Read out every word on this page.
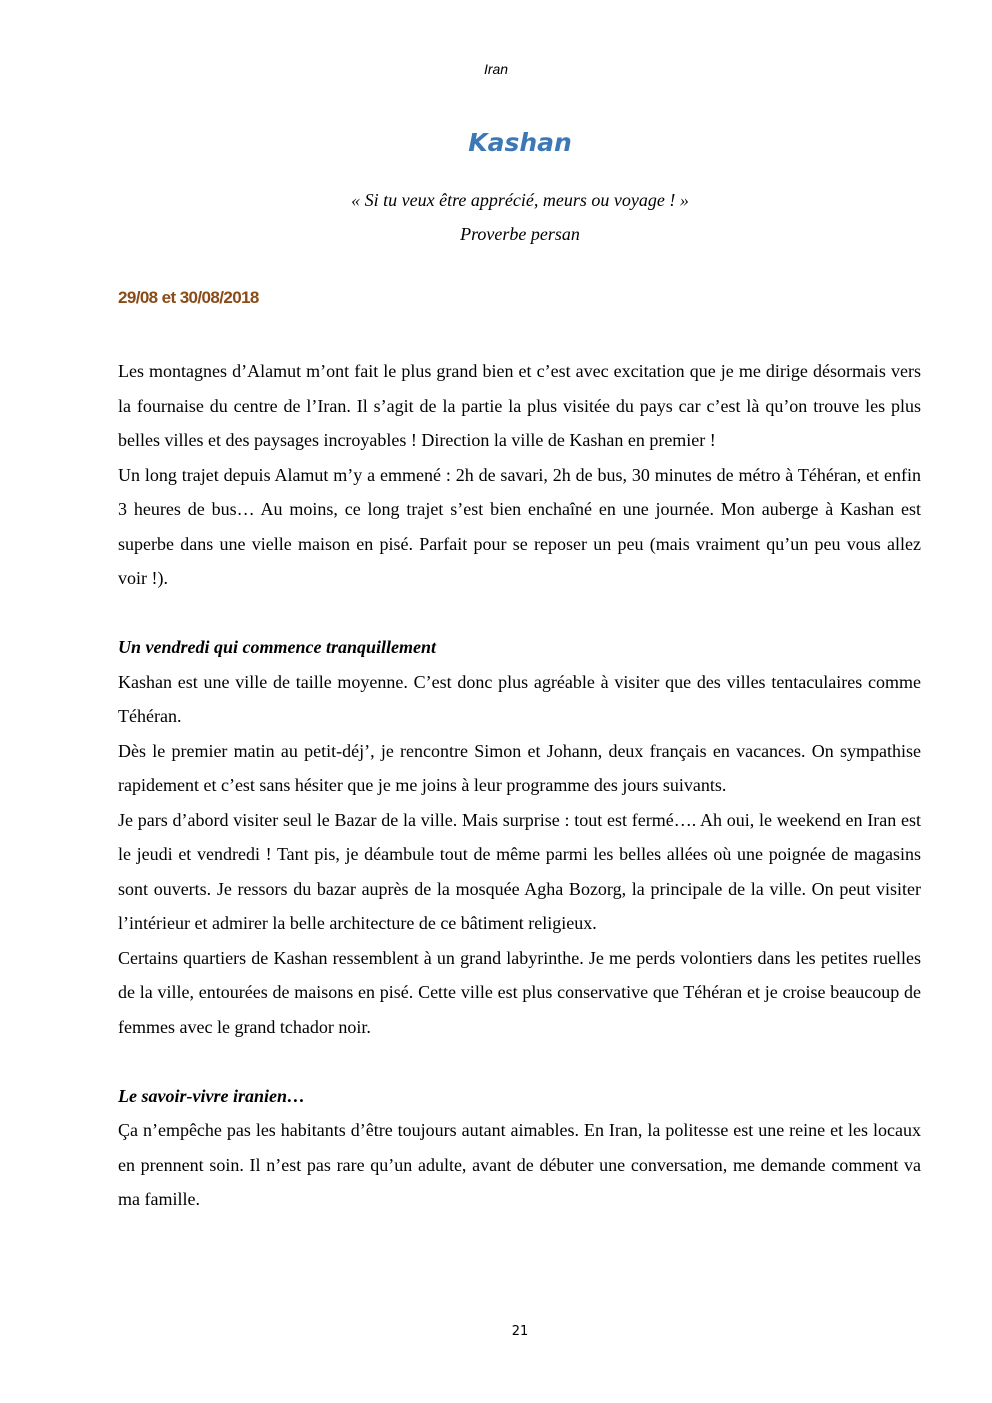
Iran
Kashan
« Si tu veux être apprécié, meurs ou voyage ! »
Proverbe persan
29/08 et 30/08/2018

Les montagnes d’Alamut m’ont fait le plus grand bien et c’est avec excitation que je me dirige désormais vers la fournaise du centre de l’Iran. Il s’agit de la partie la plus visitée du pays car c’est là qu’on trouve les plus belles villes et des paysages incroyables ! Direction la ville de Kashan en premier !

Un long trajet depuis Alamut m’y a emmené : 2h de savari, 2h de bus, 30 minutes de métro à Téhéran, et enfin 3 heures de bus… Au moins, ce long trajet s’est bien enchaîné en une journée. Mon auberge à Kashan est superbe dans une vielle maison en pisé. Parfait pour se reposer un peu (mais vraiment qu’un peu vous allez voir !).

Un vendredi qui commence tranquillement

Kashan est une ville de taille moyenne. C’est donc plus agréable à visiter que des villes tentaculaires comme Téhéran.

Dès le premier matin au petit-déj’, je rencontre Simon et Johann, deux français en vacances. On sympathise rapidement et c’est sans hésiter que je me joins à leur programme des jours suivants.

Je pars d’abord visiter seul le Bazar de la ville. Mais surprise : tout est fermé…. Ah oui, le weekend en Iran est le jeudi et vendredi ! Tant pis, je déambule tout de même parmi les belles allées où une poignée de magasins sont ouverts. Je ressors du bazar auprès de la mosquée Agha Bozorg, la principale de la ville. On peut visiter l’intérieur et admirer la belle architecture de ce bâtiment religieux.

Certains quartiers de Kashan ressemblent à un grand labyrinthe. Je me perds volontiers dans les petites ruelles de la ville, entourées de maisons en pisé. Cette ville est plus conservative que Téhéran et je croise beaucoup de femmes avec le grand tchador noir.

Le savoir-vivre iranien…

Ça n’empêche pas les habitants d’être toujours autant aimables. En Iran, la politesse est une reine et les locaux en prennent soin. Il n’est pas rare qu’un adulte, avant de débuter une conversation, me demande comment va ma famille.

21
